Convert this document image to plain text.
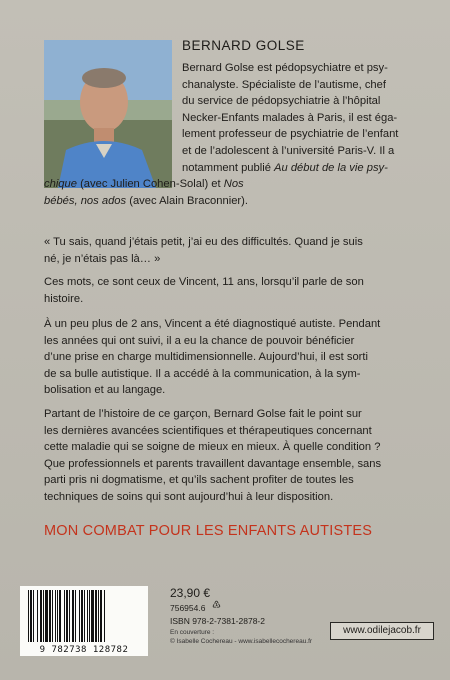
BERNARD GOLSE
Bernard Golse est pédopsychiatre et psy-
chanalyste. Spécialiste de l’autisme, chef
du service de pédopsychiatrie à l’hôpital
Necker-Enfants malades à Paris, il est éga-
lement professeur de psychiatrie de l’enfant
et de l’adolescent à l’université Paris-V. Il a
notamment publié Au début de la vie psy-
chique (avec Julien Cohen-Solal) et Nos
bébés, nos ados (avec Alain Braconnier).
« Tu sais, quand j’étais petit, j’ai eu des difficultés. Quand je suis
né, je n’étais pas là… »
Ces mots, ce sont ceux de Vincent, 11 ans, lorsqu’il parle de son
histoire.
À un peu plus de 2 ans, Vincent a été diagnostiqué autiste. Pendant
les années qui ont suivi, il a eu la chance de pouvoir bénéficier
d’une prise en charge multidimensionnelle. Aujourd’hui, il est sorti
de sa bulle autistique. Il a accédé à la communication, à la sym-
bolisation et au langage.
Partant de l’histoire de ce garçon, Bernard Golse fait le point sur
les dernières avancées scientifiques et thérapeutiques concernant
cette maladie qui se soigne de mieux en mieux. À quelle condition ?
Que professionnels et parents travaillent davantage ensemble, sans
parti pris ni dogmatisme, et qu’ils sachent profiter de toutes les
techniques de soins qui sont aujourd’hui à leur disposition.
MON COMBAT POUR LES ENFANTS AUTISTES
9 782738 128782
23,90 €
756954.6 ♳
ISBN 978-2-7381-2878-2
En couverture :
© Isabelle Cochereau - www.isabellecochereau.fr
www.odilejacob.fr
